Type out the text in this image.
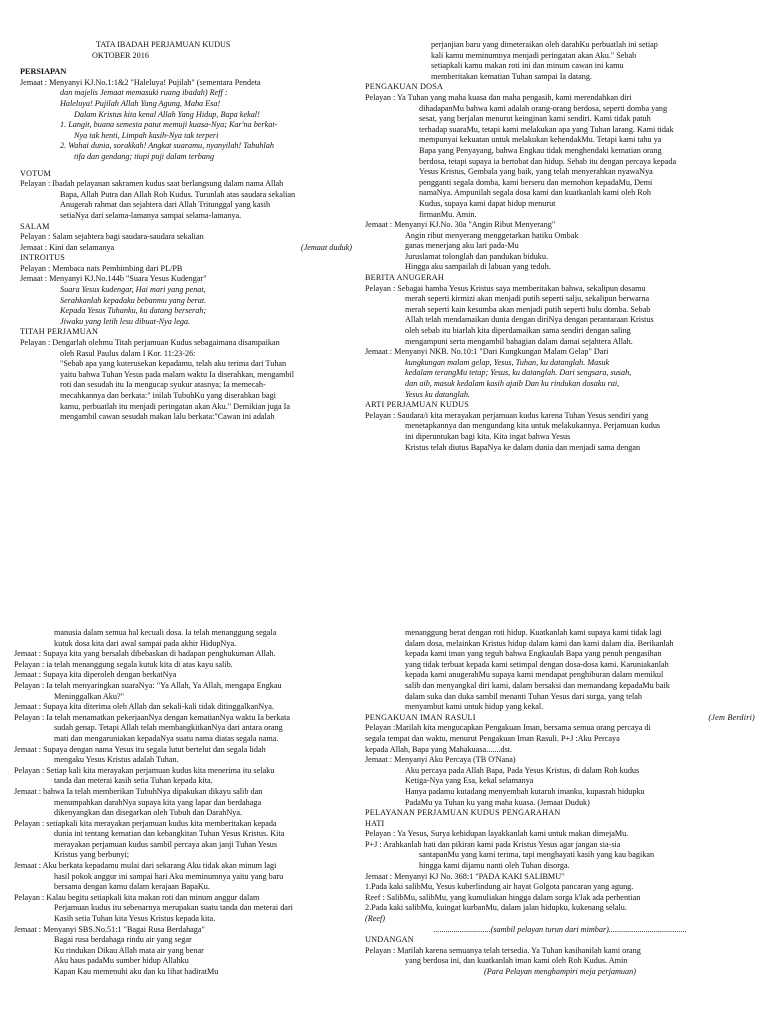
TATA IBADAH PERJAMUAN KUDUS
OKTOBER 2016
PERSIAPAN
Jemaat : Menyanyi KJ.No.1:1&2 "Haleluya! Pujilah" (sementara Pendeta
dan majelis Jemaat memasuki ruang ibadah) Reff :
Haleluya! Pujilah Allah Yang Agung, Maha Esa!
Dalam Kristus kita kenal Allah Yang Hidup, Bapa kekal!
1. Langit, buana semesta patut memuji kuasa-Nya; Kar'na berkat-
Nya tak henti, Limpah kasih-Nya tak terperi
2. Wahai dunia, sorakkah! Angkat suaramu, nyanyilah! Tabuhlah
tifa dan gendang; tiupi puji dalam terbang
VOTUM
Pelayan : Ibadah pelayanan sakramen kudus saat berlangsung dalam nama Allah
Bapa, Allah Putra dan Allah Roh Kudus. Turunlah atas saudara sekalian
Anugerah rahmat dan sejahtera dari Allah Tritunggal yang kasih
setiaNya dari selama-lamanya sampai selama-lamanya.
SALAM
Pelayan : Salam sejahtera bagi saudara-saudara sekalian
(Jemaat duduk)
Jemaat : Kini dan selamanya
INTROITUS
Pelayan : Membaca nats Pembimbing dari PL/PB
Jemaat : Menyanyi KJ.No.144b "Suara Yesus Kudengar"
Suara Yesus kudengar, Hai mari yang penat,
Serahkanlah kepadaku bebanmu yang berat.
Kepada Yesus Tuhanku, ku datang berserah;
Jiwaku yang letih lesu dibuat-Nya lega.
TITAH PERJAMUAN
Pelayan : Dengarlah olehmu Titah perjamuan Kudus sebagaimana disampaikan
oleh Rasul Paulus dalam I Kor. 11:23-26:
"Sebab apa yang kuterusekan kepadamu, telah aku terima dari Tuhan
yaitu bahwa Tuhan Yesus pada malam waktu Ia diserahkan, mengambil
roti dan sesudah itu Ia mengucap syukur atasnya; Ia memecah-
mecahkannya dan berkata:" inilah TubuhKu yang diserahkan bagi
kamu, perbuatlah itu menjadi peringatan akan Aku." Demikian juga Ia
mengambil cawan sesudah makan lalu berkata:"Cawan ini adalah
perjanjian baru yang dimeteraikan oleh darahKu perbuatlah ini setiap
kali kamu meminumnya menjadi peringatan akan Aku." Sebab
setiapkali kamu makan roti ini dan minum cawan ini kamu
memberitakan kematian Tuhan sampai Ia datang.
PENGAKUAN DOSA
Pelayan : Ya Tuhan yang maha kuasa dan maha pengasih, kami merendahkan diri
dihadapanMu bahwa kami adalah orang-orang berdosa, seperti domba yang
sesat, yang berjalan menurut keinginan kami sendiri. Kami tidak patuh
terhadap suaraMu, tetapi kami melakukan apa yang Tuhan larang. Kami tidak
mempunyai kekuatan untuk melakukan kehendakMu. Tetapi kami tahu ya
Bapa yang Penyayang, bahwa Engkau tidak menghendaki kematian orang
berdosa, tetapi supaya ia bertobat dan hidup. Sebab itu dengan percaya kepada
Yesus Kristus, Gembala yang baik, yang telah menyerahkan nyawaNya
pengganti segala domba, kami berseru dan memohon kepadaMu, Demi
namaNya. Ampunilah segala dosa kami dan kuatkanlah kami oleh Roh
Kudus, supaya kami dapat hidup menurut
firmanMu. Amin.
Jemaat : Menyanyi KJ.No. 30a "Angin Ribut Menyerang"
Angin ribut menyerang menggetarkan hatiku Ombak
ganas menerjang aku lari pada-Mu
Juruslamat tolonglah dan pandukan biduku.
Hingga aku sampailah di labuan yang teduh.
BERITA ANUGERAH
Pelayan : Sebagai hamba Yesus Kristus saya memberitakan bahwa, sekalipun dosamu
merah seperti kirmizi akan menjadi putih seperti salju, sekalipun berwarna
merah seperti kain kesumba akan menjadi putih seperti bulu domba. Sebab
Allah telah mendamaikan dunia dengan diriNya dengan perantaraan Kristus
oleh sebab itu biarlah kita diperdamaikan sama sendiri dengan saling
mengampuni serta mengambil bahagian dalam damai sejahtera Allah.
Jemaat : Menyanyi NKB. No.10:1 "Dari Kungkungan Malam Gelap" Dari
kungkungan malam gelap, Yesus, Tuhan, ku datanglah. Masuk
kedalam terangMu tetap; Yesus, ku datanglah. Dari sengsara, susah,
dan aib, masuk kedalam kasih ajaib Dan ku rindukan dosaku rai,
Yesus ku datanglah.
ARTI PERJAMUAN KUDUS
Pelayan : Saudara/i kita merayakan perjamuan kudus karena Tuhan Yesus sendiri yang
menetapkannya dan mengundang kita untuk melakukannya. Perjamuan kudus
ini diperuntukan bagi kita. Kita ingat bahwa Yesus
Kristus telah diutus BapaNya ke dalam dunia dan menjadi sama dengan
manusia dalam semua hal kecuali dosa. Ia telah menanggung segala
kutuk dosa kita dari awal sampai pada akhir HidupNya.
Jemaat : Supaya kita yang bersalah dibebaskan di hadapan penghukuman Allah.
Pelayan : ia telah menanggung segala kutuk kita di atas kayu salib.
Jemaat : Supaya kita diperoleh dengan berkatNya
Pelayan : Ia telah menyaringkan suaraNya: "Ya Allah, Ya Allah, mengapa Engkau
Meninggalkan Aku?"
Jemaat : Supaya kita diterima oleh Allah dan sekali-kali tidak ditinggalkanNya.
Pelayan : Ia telah menamatkan pekerjaanNya dengan kematianNya waktu Ia berkata
sudah genap. Tetapi Allah telah membangkitkanNya dari antara orang
mati dan mengaruniakan kepadaNya suatu nama diatas segala nama.
Jemaat : Supaya dengan nama Yesus itu segala lutut bertelut dan segala lidah
mengaku Yesus Kristus adalah Tuhan.
Pelayan : Setiap kali kita merayakan perjamuan kudus kita menerima itu selaku
tanda dan meterai kasih setia Tuhan kepada kita.
Jemaat : bahwa Ia telah memberikan TubuhNya dipakukan dikayu salib dan
menumpahkan darahNya supaya kita yang lapar dan berdahaga
dikenyangkan dan disegarkan oleh Tubuh dan DarahNya.
Pelayan : setiapkali kita merayakan perjamuan kudus kita memberitakan kepada
dunia ini tentang kematian dan kebangkitan Tuhan Yesus Kristus. Kita
merayakan perjamuan kudus sambil percaya akan janji Tuhan Yesus
Kristus yang berbunyi;
Jemaat : Aku berkata kepadamu mulai dari sekarang Aku tidak akan minum lagi
hasil pokok anggur ini sampai hari Aku meminumnya yaitu yang baru
bersama dengan kamu dalam kerajaan BapaKu.
Pelayan : Kalau begitu setiapkali kita makan roti dan minum anggur dalam
Perjamuan kudus itu sebenarnya merupakan suatu tanda dan meterai dari
Kasih setia Tuhan kita Yesus Kristus kepada kita.
Jemaat : Menyanyi SBS.No.51:1 "Bagai Rusa Berdahaga"
Bagai rusa berdahaga rindu air yang segar
Ku rindukan Dikau Allah mata air yang benar
Aku haus padaMu sumber hidup Allahku
Kapan Kau memenuhi aku dan ku lihat hadiratMu
menanggung berat dengan roti hidup. Kuatkanlah kami supaya kami tidak lagi
dalam dosa, melainkan Kristus hidup dalam kami dan kami dalam dia. Berikanlah
kepada kami iman yang teguh bahwa Engkaulah Bapa yang penuh pengasihan
yang tidak terbuat kepada kami setimpal dengan dosa-dosa kami. Karuniakanlah
kepada kami anugerahMu supaya kami mendapat penghiburan dalam memikul
salib dan menyangkal diri kami, dalam bersaksi dan memandang kepadaMu baik
dalam suka dan duka sambil menanti Tuhan Yesus dari surga, yang telah
menyambut kami untuk hidup yang kekal.
(Jem Berdiri)
PENGAKUAN IMAN RASULI
Pelayan :Marilah kita mengucapkan Pengakuan Iman, bersama semua orang percaya di
segala tempat dan waktu, menurut Pengakuan Iman Rasuli. P+J :Aku Percaya
kepada Allah, Bapa yang Mahakuasa.......dst.
Jemaat : Menyanyi Aku Percaya (TB O'Nana)
Aku percaya pada Allah Bapa, Pada Yesus Kristus, di dalam Roh kudus
Ketiga-Nya yang Esa, kekal selamanya
Hanya padamu kutadang menyembah kutaruh imanku, kupasrah hidupku
PadaMu ya Tuhan ku yang maha kuasa. (Jemaat Duduk)
PELAYANAN PERJAMUAN KUDUS PENGARAHAN
HATI
Pelayan : Ya Yesus, Surya kehidupan layakkanlah kami untuk makan dimejaMu.
P+J : Arahkanlah hati dan pikiran kami pada Kristus Yesus agar jangan sia-sia
santapanMu yang kami terima, tapi menghayati kasih yang kau bagikan
hingga kami dijamu nanti oleh Tuhan disorga.
Jemaat : Menyanyi KJ No. 368:1 "PADA KAKI SALIBMU"
1.Pada kaki salibMu, Yesus kuberlindung air hayat Golgota pancaran yang agung.
Reef : SalibMu, salibMu, yang kumuliakan hingga dalam sorga k'lak ada perhentian
2.Pada kaki salibMu, kuingat kurbanMu, dalam jalan hidupku, kukenang selalu.
(Reef)
............................(sambil pelayan turun dari mimbar)......................................
UNDANGAN
Pelayan : Marilah karena semuanya telah tersedia. Ya Tuhan kasihanilah kami orang
yang berdosa ini, dan kuatkanlah iman kami oleh Roh Kudus. Amin
(Para Pelayan menghampiri meja perjamuan)
